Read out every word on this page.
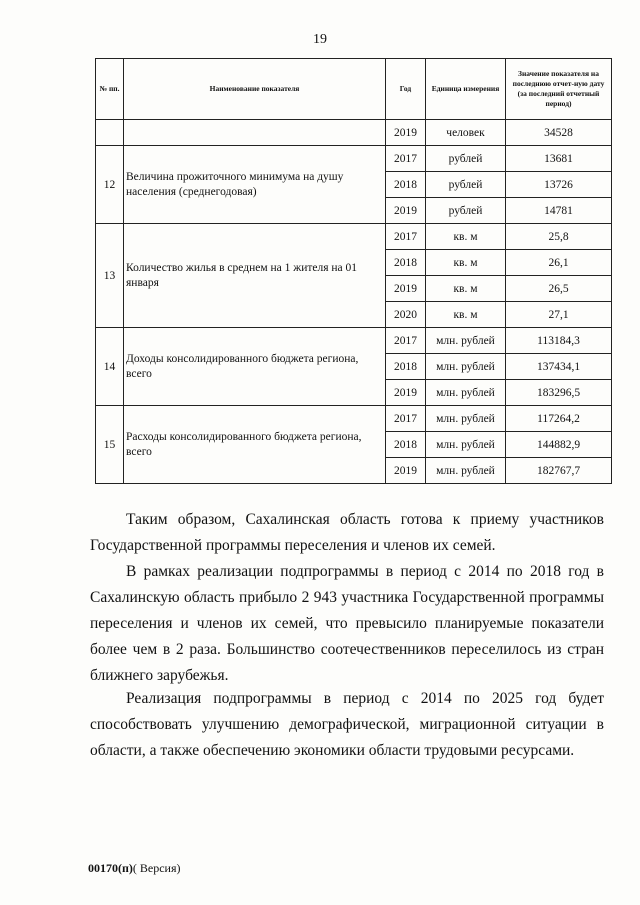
19
№ пп.	Наименование показателя	Год	Единица измерения	Значение показателя на последнюю отчет-ную дату (за последний отчетный период)
		2019	человек	34528
12	Величина прожиточного минимума на душу населения (среднегодовая)	2017	рублей	13681
		2018	рублей	13726
		2019	рублей	14781
13	Количество жилья в среднем на 1 жителя на 01 января	2017	кв. м	25,8
		2018	кв. м	26,1
		2019	кв. м	26,5
		2020	кв. м	27,1
14	Доходы консолидированного бюджета региона, всего	2017	млн. рублей	113184,3
		2018	млн. рублей	137434,1
		2019	млн. рублей	183296,5
15	Расходы консолидированного бюджета региона, всего	2017	млн. рублей	117264,2
		2018	млн. рублей	144882,9
		2019	млн. рублей	182767,7

Таким образом, Сахалинская область готова к приему участников Государственной программы переселения и членов их семей.

В рамках реализации подпрограммы в период с 2014 по 2018 год в Сахалинскую область прибыло 2 943 участника Государственной программы переселения и членов их семей, что превысило планируемые показатели более чем в 2 раза. Большинство соотечественников переселилось из стран ближнего зарубежья.

Реализация подпрограммы в период с 2014 по 2025 год будет способствовать улучшению демографической, миграционной ситуации в области, а также обеспечению экономики области трудовыми ресурсами.

00170(п)( Версия)
